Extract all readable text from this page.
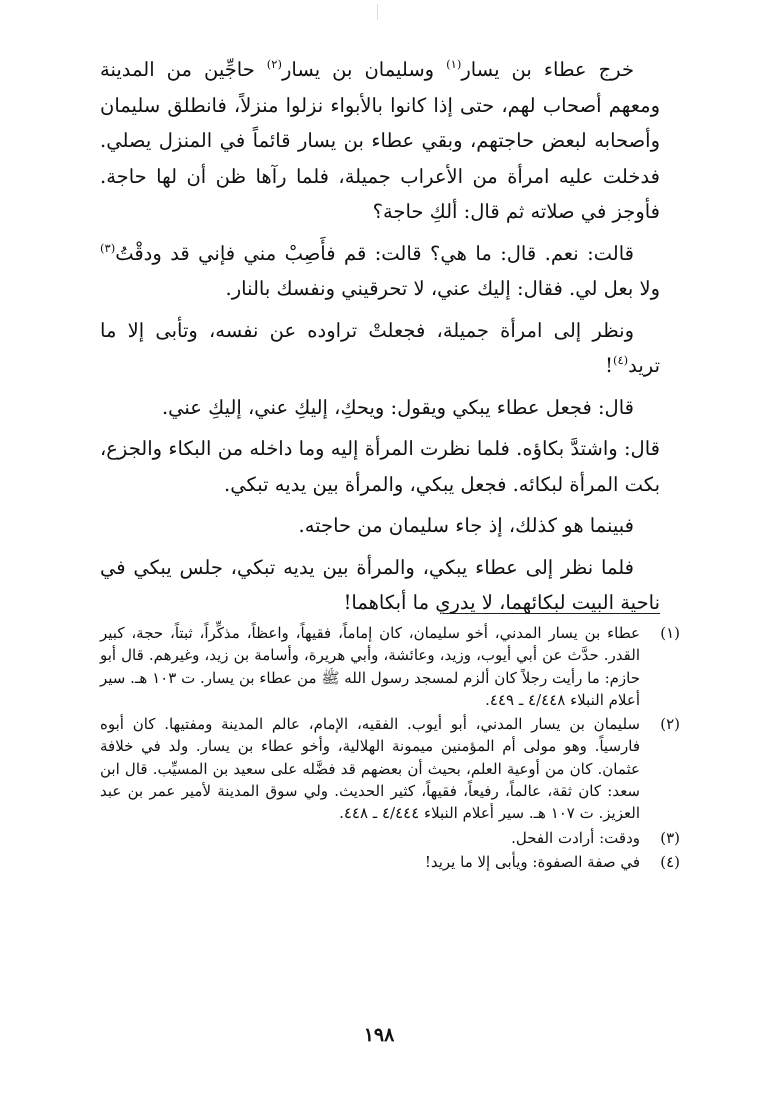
خرج عطاء بن يسار$^{(١)}$ وسليمان بن يسار$^{(٢)}$ حاجِّين من المدينة ومعهم أصحاب لهم، حتى إذا كانوا بالأبواء نزلوا منزلاً، فانطلق سليمان وأصحابه لبعض حاجتهم، وبقي عطاء بن يسار قائماً في المنزل يصلي. فدخلت عليه امرأة من الأعراب جميلة، فلما رآها ظن أن لها حاجة. فأوجز في صلاته ثم قال: ألكِ حاجة؟

قالت: نعم. قال: ما هي؟ قالت: قم فأَصِبْ مني فإني قد ودقْتُ$^{(٣)}$ ولا بعل لي. فقال: إليك عني، لا تحرقيني ونفسك بالنار.

ونظر إلى امرأة جميلة، فجعلتْ تراوده عن نفسه، وتأبى إلا ما تريد$^{(٤)}$!

قال: فجعل عطاء يبكي ويقول: ويحكِ، إليكِ عني، إليكِ عني.

قال: واشتدَّ بكاؤه. فلما نظرت المرأة إليه وما داخله من البكاء والجزع، بكت المرأة لبكائه. فجعل يبكي، والمرأة بين يديه تبكي.

فبينما هو كذلك، إذ جاء سليمان من حاجته.

فلما نظر إلى عطاء يبكي، والمرأة بين يديه تبكي، جلس يبكي في ناحية البيت لبكائهما، لا يدري ما أبكاهما!

(١)
عطاء بن يسار المدني، أخو سليمان، كان إماماً، فقيهاً، واعظاً، مذكِّراً، ثبتاً، حجة، كبير القدر. حدَّث عن أبي أيوب، وزيد، وعائشة، وأبي هريرة، وأسامة بن زيد، وغيرهم. قال أبو حازم: ما رأيت رجلاً كان ألزم لمسجد رسول الله ﷺ من عطاء بن يسار. ت ١٠٣ هـ. سير أعلام النبلاء ٤/٤٤٨ ـ ٤٤٩.
(٢)
سليمان بن يسار المدني، أبو أيوب. الفقيه، الإمام، عالم المدينة ومفتيها. كان أبوه فارسياً. وهو مولى أم المؤمنين ميمونة الهلالية، وأخو عطاء بن يسار. ولد في خلافة عثمان. كان من أوعية العلم، بحيث أن بعضهم قد فضَّله على سعيد بن المسيِّب. قال ابن سعد: كان ثقة، عالماً، رفيعاً، فقيهاً، كثير الحديث. ولي سوق المدينة لأمير عمر بن عبد العزيز. ت ١٠٧ هـ. سير أعلام النبلاء ٤/٤٤٤ ـ ٤٤٨.
(٣)
ودقت: أرادت الفحل.
(٤)
في صفة الصفوة: ويأبى إلا ما يريد!
١٩٨
